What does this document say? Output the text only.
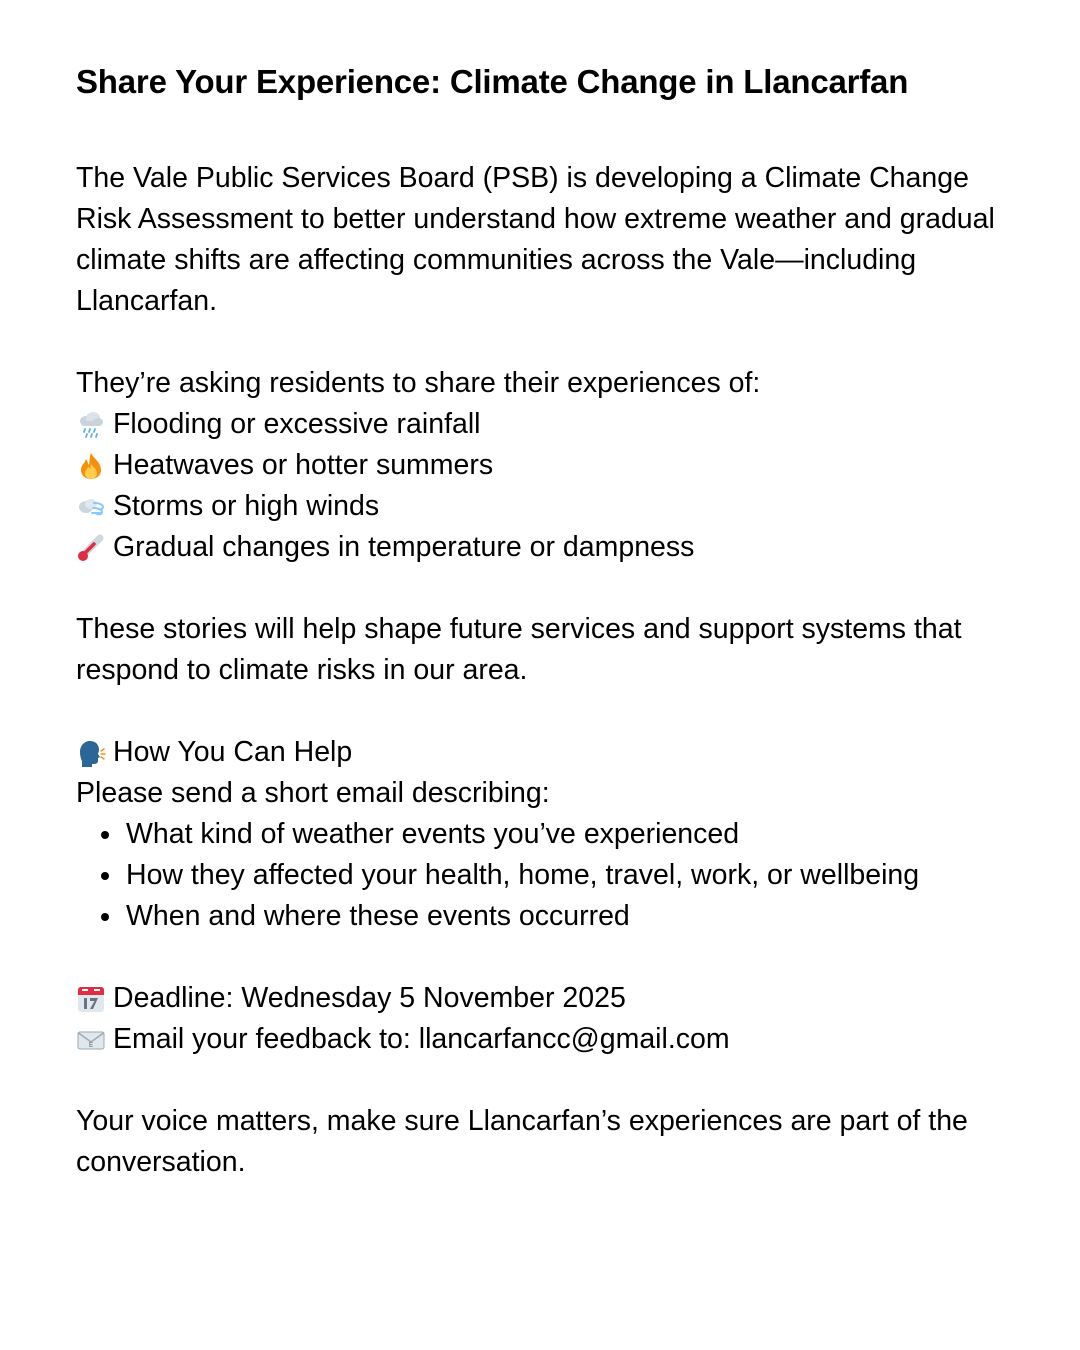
Share Your Experience: Climate Change in Llancarfan

The Vale Public Services Board (PSB) is developing a Climate Change Risk Assessment to better understand how extreme weather and gradual climate shifts are affecting communities across the Vale—including Llancarfan.

They’re asking residents to share their experiences of:

Flooding or excessive rainfall
Heatwaves or hotter summers
Storms or high winds
Gradual changes in temperature or dampness

These stories will help shape future services and support systems that respond to climate risks in our area.

How You Can Help

Please send a short email describing:

What kind of weather events you’ve experienced
How they affected your health, home, travel, work, or wellbeing
When and where these events occurred
Deadline: Wednesday 5 November 2025
E Email your feedback to: llancarfancc@gmail.com

Your voice matters, make sure Llancarfan’s experiences are part of the conversation.
